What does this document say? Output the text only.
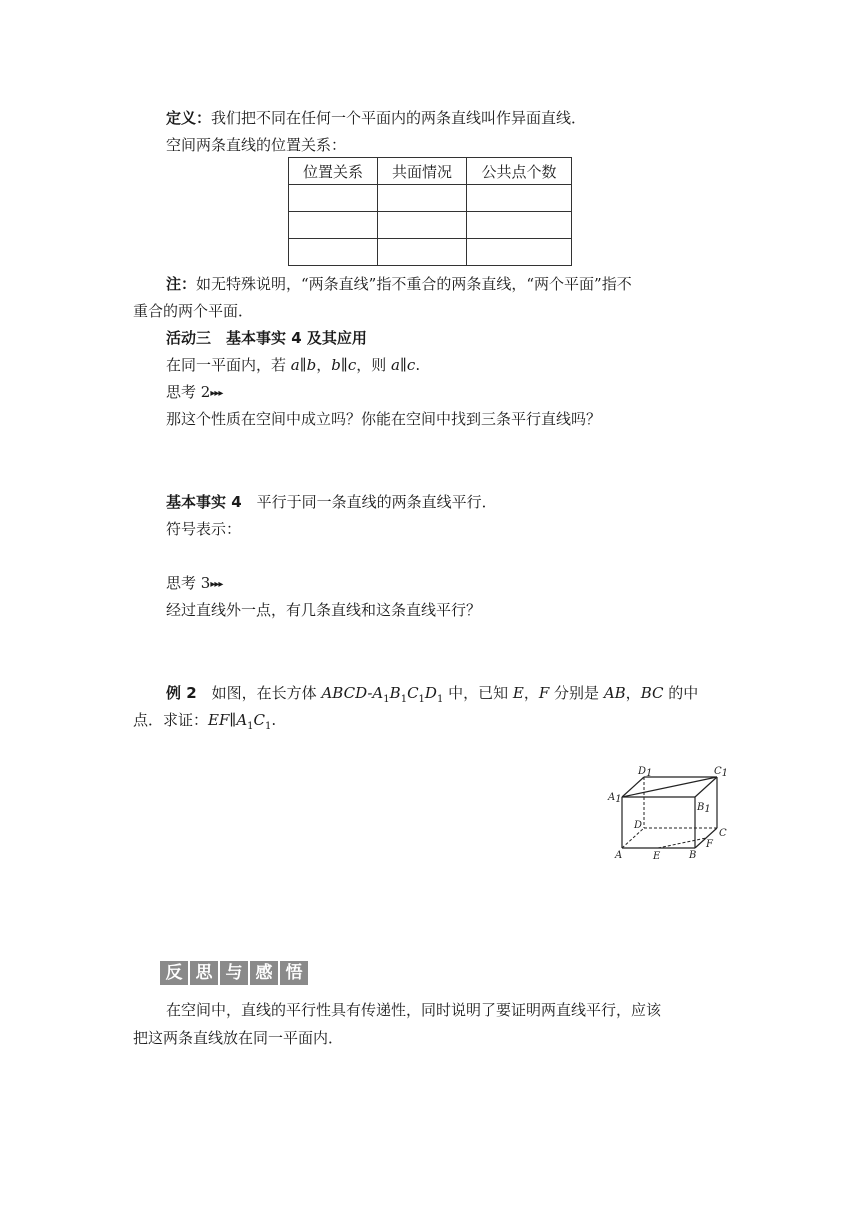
定义：我们把不同在任何一个平面内的两条直线叫作异面直线．
空间两条直线的位置关系：
位置关系	共面情况	公共点个数

注：如无特殊说明，“两条直线”指不重合的两条直线，“两个平面”指不
重合的两个平面．
活动三　基本事实 4 及其应用
在同一平面内，若 a∥b，b∥c，则 a∥c.
思考 2▸▸▸
那这个性质在空间中成立吗？你能在空间中找到三条平行直线吗？
基本事实 4 平行于同一条直线的两条直线平行．
符号表示：
思考 3▸▸▸
经过直线外一点，有几条直线和这条直线平行？
例 2 如图，在长方体 ABCD-$A_1B_1C_1D_1$ 中，已知 E，F 分别是 AB，BC 的中
点．求证：$EF\parallel A_1C_1$.
D1	C1
A1
B1
D
C
A	E	B
F
反 思 与 感 悟
在空间中，直线的平行性具有传递性，同时说明了要证明两直线平行，应该
把这两条直线放在同一平面内．
